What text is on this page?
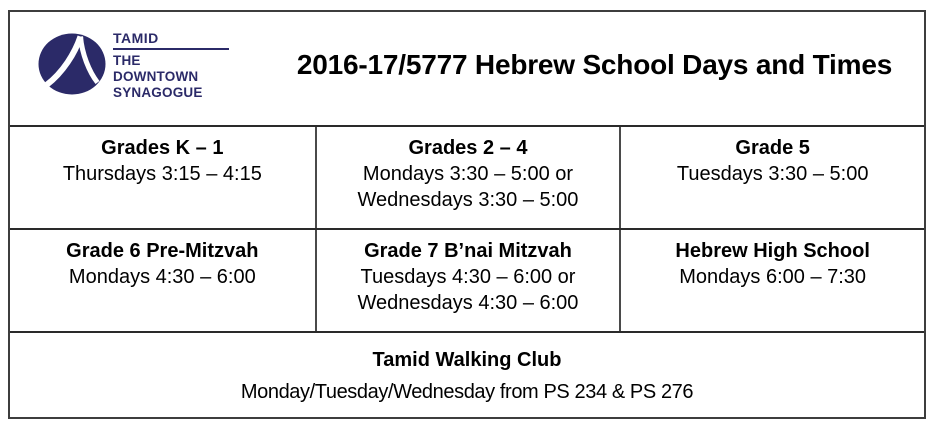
TAMID
THE DOWNTOWN
SYNAGOGUE
2016-17/5777 Hebrew School Days and Times
Grades K – 1
Thursdays 3:15 – 4:15
Grades 2 – 4
Mondays 3:30 – 5:00 or
Wednesdays 3:30 – 5:00
Grade 5
Tuesdays 3:30 – 5:00
Grade 6 Pre-Mitzvah
Mondays 4:30 – 6:00
Grade 7 B’nai Mitzvah
Tuesdays 4:30 – 6:00 or
Wednesdays 4:30 – 6:00
Hebrew High School
Mondays 6:00 – 7:30
Tamid Walking Club
Monday/Tuesday/Wednesday from PS 234 & PS 276
